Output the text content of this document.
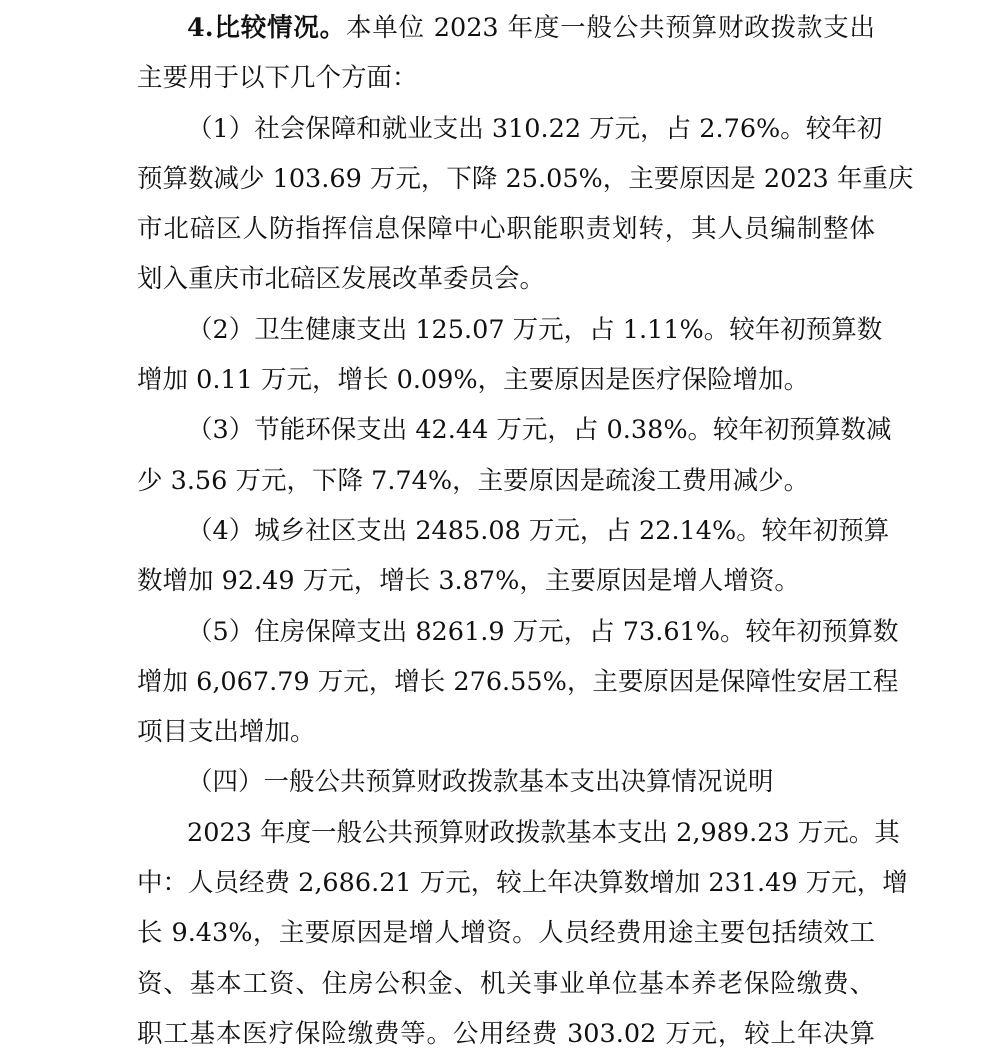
4.比较情况。本单位 2023 年度一般公共预算财政拨款支出
主要用于以下几个方面：
（1）社会保障和就业支出 310.22 万元，占 2.76%。较年初
预算数减少 103.69 万元，下降 25.05%，主要原因是 2023 年重庆
市北碚区人防指挥信息保障中心职能职责划转，其人员编制整体
划入重庆市北碚区发展改革委员会。
（2）卫生健康支出 125.07 万元，占 1.11%。较年初预算数
增加 0.11 万元，增长 0.09%，主要原因是医疗保险增加。
（3）节能环保支出 42.44 万元，占 0.38%。较年初预算数减
少 3.56 万元，下降 7.74%，主要原因是疏浚工费用减少。
（4）城乡社区支出 2485.08 万元，占 22.14%。较年初预算
数增加 92.49 万元，增长 3.87%，主要原因是增人增资。
（5）住房保障支出 8261.9 万元，占 73.61%。较年初预算数
增加 6,067.79 万元，增长 276.55%，主要原因是保障性安居工程
项目支出增加。
（四）一般公共预算财政拨款基本支出决算情况说明
2023 年度一般公共预算财政拨款基本支出 2,989.23 万元。其
中：人员经费 2,686.21 万元，较上年决算数增加 231.49 万元，增
长 9.43%，主要原因是增人增资。人员经费用途主要包括绩效工
资、基本工资、住房公积金、机关事业单位基本养老保险缴费、
职工基本医疗保险缴费等。公用经费 303.02 万元，较上年决算
